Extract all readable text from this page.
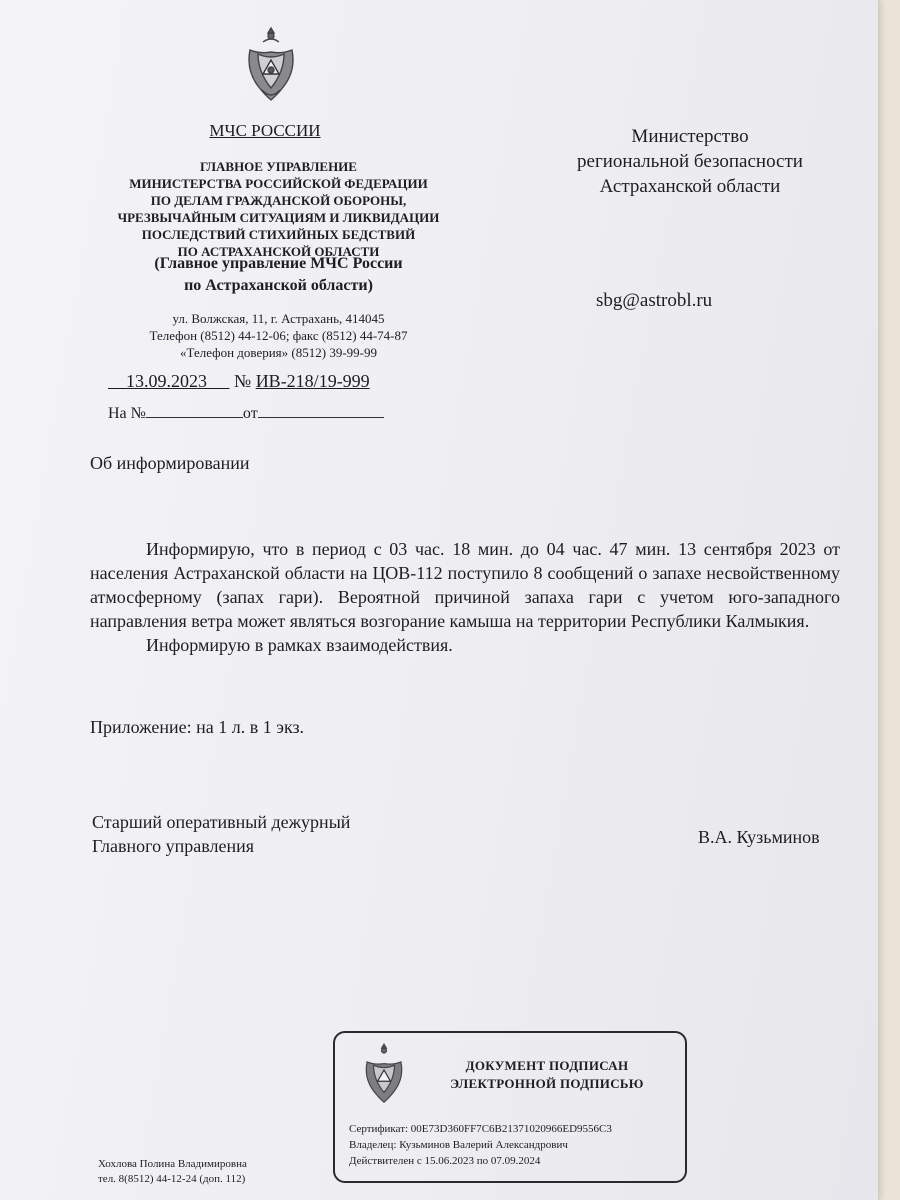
МЧС РОССИИ
ГЛАВНОЕ УПРАВЛЕНИЕ
МИНИСТЕРСТВА РОССИЙСКОЙ ФЕДЕРАЦИИ
ПО ДЕЛАМ ГРАЖДАНСКОЙ ОБОРОНЫ,
ЧРЕЗВЫЧАЙНЫМ СИТУАЦИЯМ И ЛИКВИДАЦИИ
ПОСЛЕДСТВИЙ СТИХИЙНЫХ БЕДСТВИЙ
ПО АСТРАХАНСКОЙ ОБЛАСТИ
(Главное управление МЧС России
по Астраханской области)
ул. Волжская, 11, г. Астрахань, 414045
Телефон (8512) 44-12-06; факс (8512) 44-74-87
«Телефон доверия» (8512) 39-99-99
13.09.2023 № ИВ-218/19-999
На №	от
Министерство
региональной безопасности
Астраханской области
sbg@astrobl.ru
Об информировании

Информирую, что в период с 03 час. 18 мин. до 04 час. 47 мин. 13 сентября 2023 от населения Астраханской области на ЦОВ-112 поступило 8 сообщений о запахе несвойственному атмосферному (запах гари). Вероятной причиной запаха гари с учетом юго-западного направления ветра может являться возгорание камыша на территории Республики Калмыкия.

Информирую в рамках взаимодействия.

Приложение: на 1 л. в 1 экз.
Старший оперативный дежурный
Главного управления	В.А. Кузьминов
ДОКУМЕНТ ПОДПИСАН
ЭЛЕКТРОННОЙ ПОДПИСЬЮ
Сертификат: 00E73D360FF7C6B21371020966ED9556C3
Владелец: Кузьминов Валерий Александрович
Действителен с 15.06.2023 по 07.09.2024
Хохлова Полина Владимировна
тел. 8(8512) 44-12-24 (доп. 112)
